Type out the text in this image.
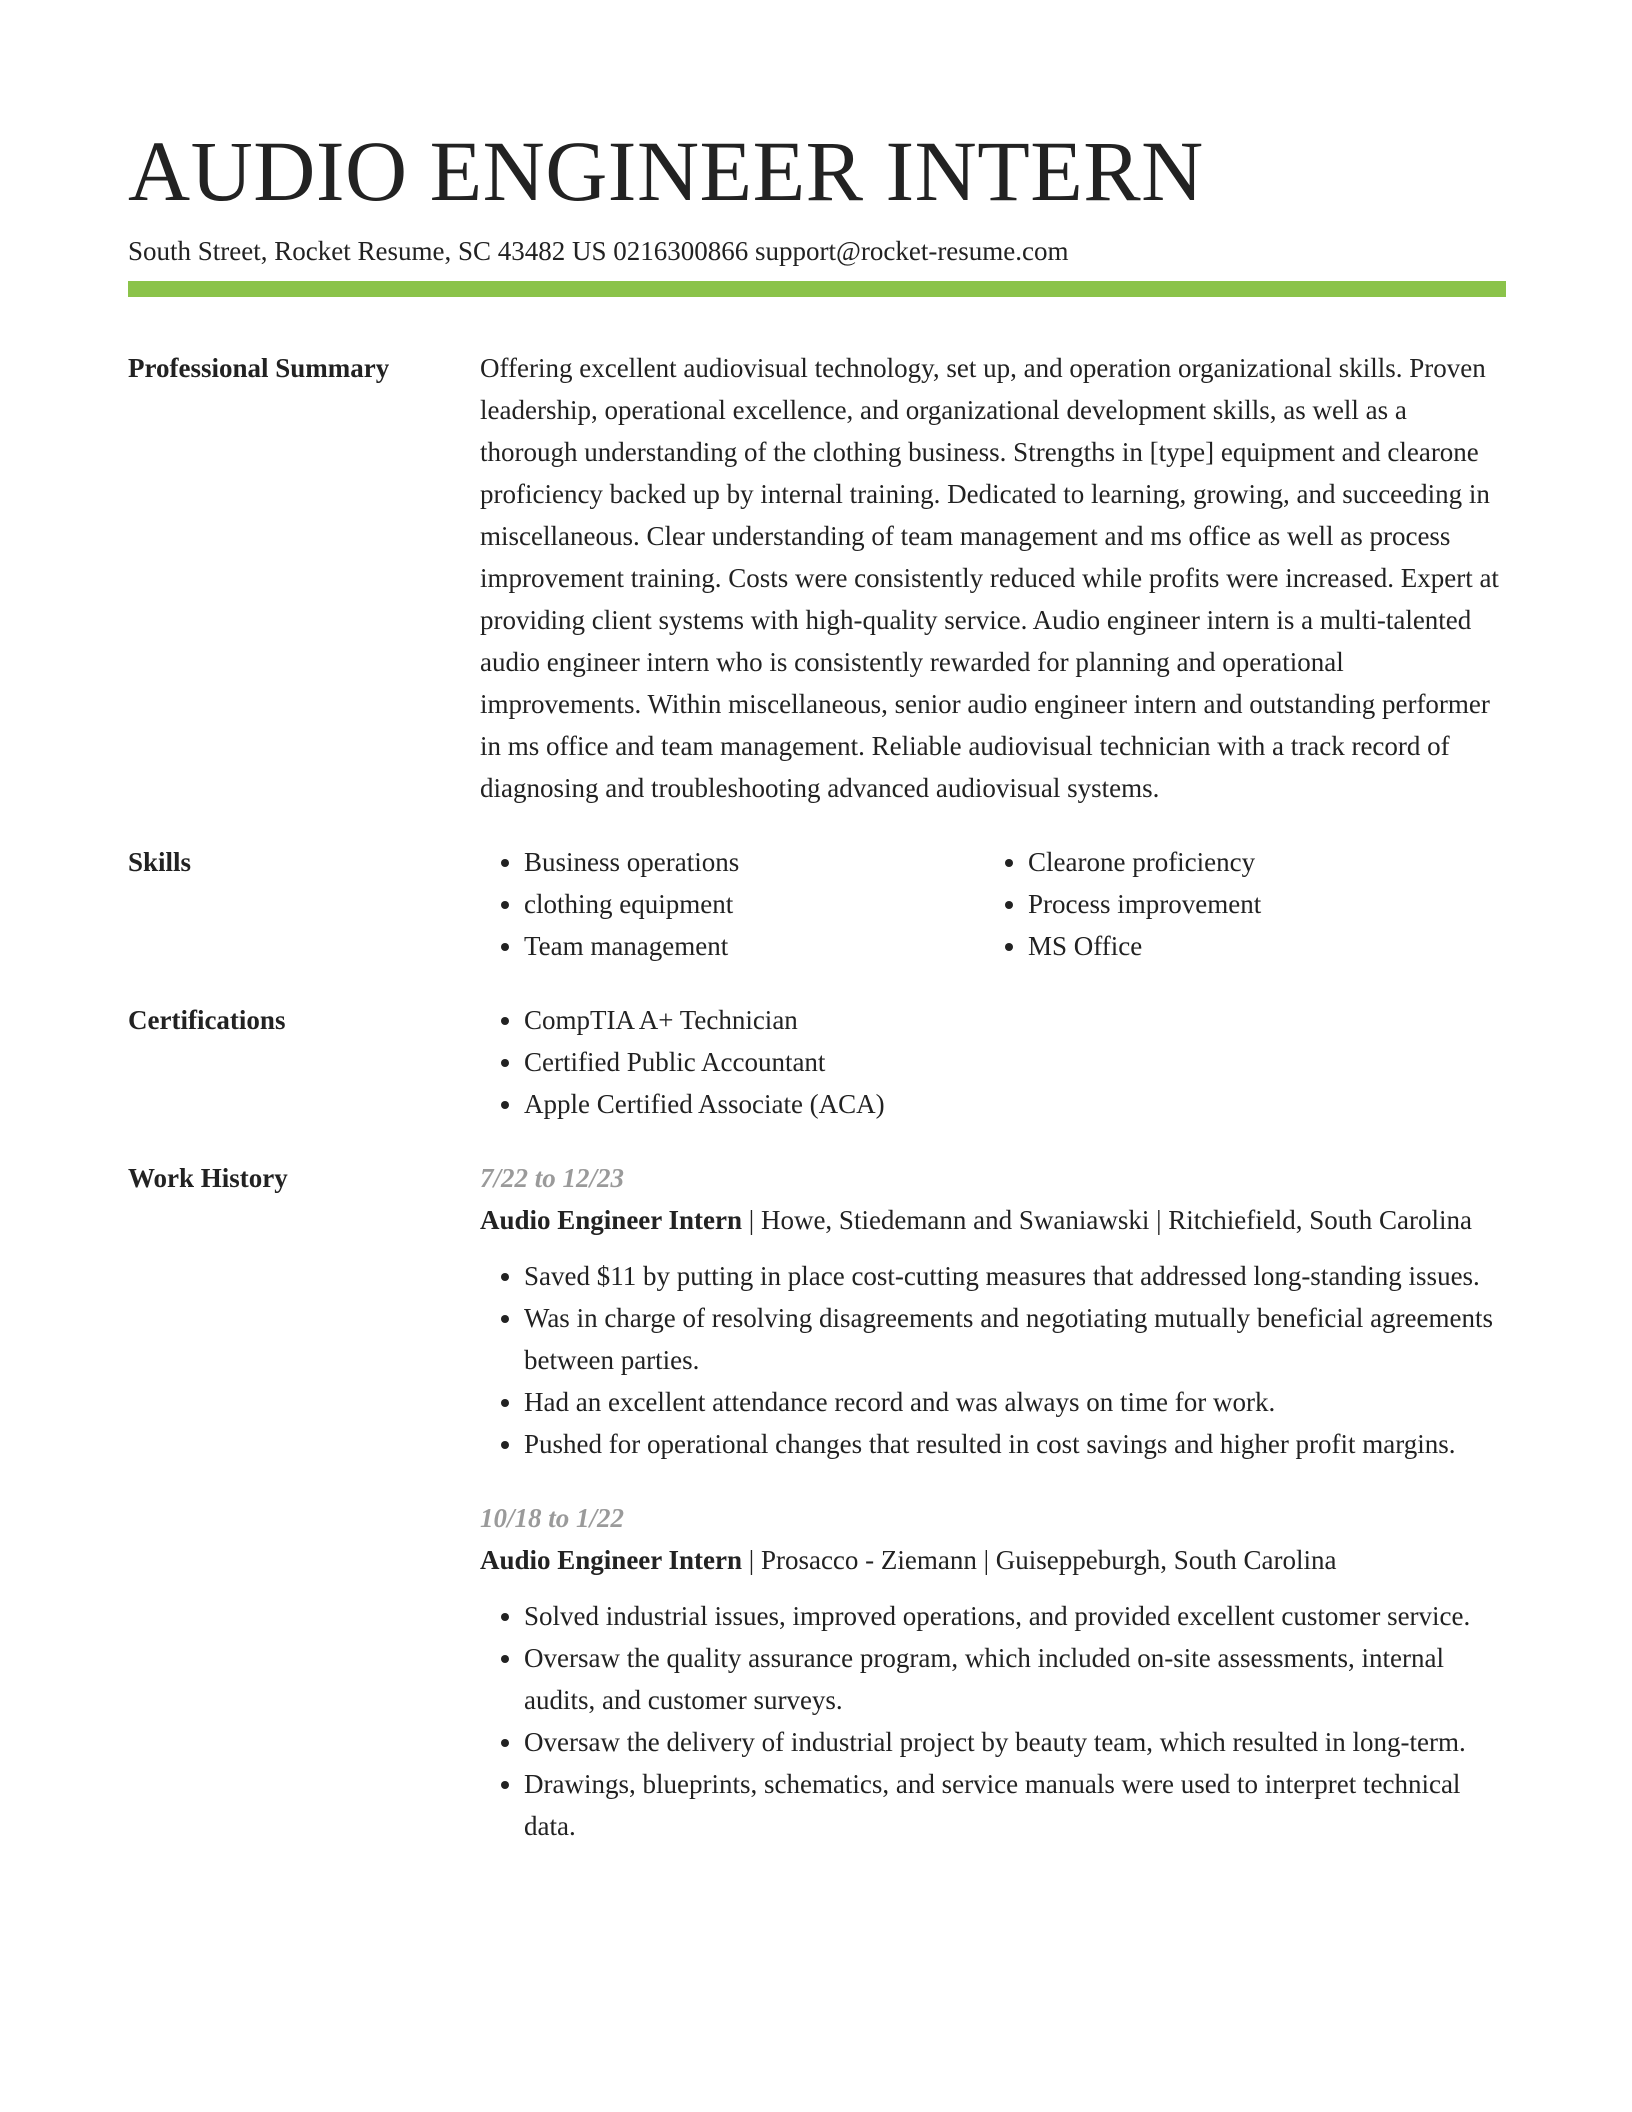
AUDIO ENGINEER INTERN
South Street, Rocket Resume, SC 43482 US 0216300866 support@rocket-resume.com
Professional Summary	Offering excellent audiovisual technology, set up, and operation organizational skills. Proven leadership, operational excellence, and organizational development skills, as well as a thorough understanding of the clothing business. Strengths in [type] equipment and clearone proficiency backed up by internal training. Dedicated to learning, growing, and succeeding in miscellaneous. Clear understanding of team management and ms office as well as process improvement training. Costs were consistently reduced while profits were increased. Expert at providing client systems with high-quality service. Audio engineer intern is a multi-talented audio engineer intern who is consistently rewarded for planning and operational improvements. Within miscellaneous, senior audio engineer intern and outstanding performer in ms office and team management. Reliable audiovisual technician with a track record of diagnosing and troubleshooting advanced audiovisual systems.

Skills	• Business operations
• clothing equipment
• Team management
• Clearone proficiency
• Process improvement
• MS Office
Certifications	• CompTIA A+ Technician
• Certified Public Accountant
• Apple Certified Associate (ACA)
Work History	7/22 to 12/23

Audio Engineer Intern | Howe, Stiedemann and Swaniawski | Ritchiefield, South Carolina

• Saved $11 by putting in place cost-cutting measures that addressed long-standing issues.
• Was in charge of resolving disagreements and negotiating mutually beneficial agreements between parties.
• Had an excellent attendance record and was always on time for work.
• Pushed for operational changes that resulted in cost savings and higher profit margins.
10/18 to 1/22

Audio Engineer Intern | Prosacco - Ziemann | Guiseppeburgh, South Carolina

• Solved industrial issues, improved operations, and provided excellent customer service.
• Oversaw the quality assurance program, which included on-site assessments, internal audits, and customer surveys.
• Oversaw the delivery of industrial project by beauty team, which resulted in long-term.
• Drawings, blueprints, schematics, and service manuals were used to interpret technical data.
